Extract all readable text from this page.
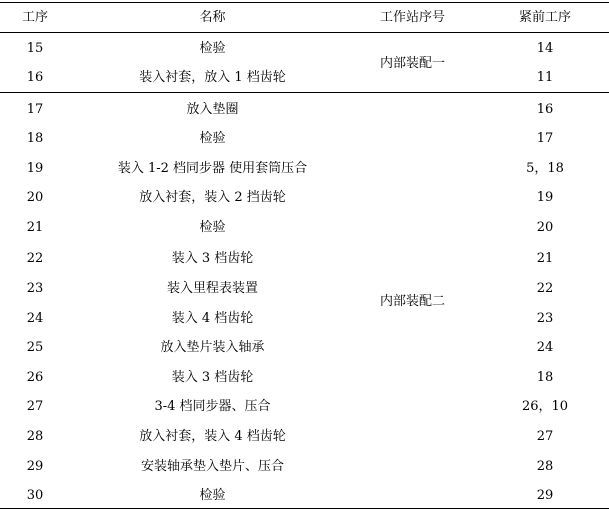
工序	名称	工作站序号	紧前工序
内部装配一
15	检验	14
16	装入衬套，放入 1 档齿轮	11
内部装配二
17	放入垫圈	16
18	检验	17
19	装入 1-2 档同步器 使用套筒压合	5，18
20	放入衬套，装入 2 挡齿轮	19
21	检验	20
22	装入 3 档齿轮	21
23	装入里程表装置	22
24	装入 4 档齿轮	23
25	放入垫片装入轴承	24
26	装入 3 档齿轮	18
27	3-4 档同步器、压合	26，10
28	放入衬套，装入 4 档齿轮	27
29	安装轴承垫入垫片、压合	28
30	检验	29
